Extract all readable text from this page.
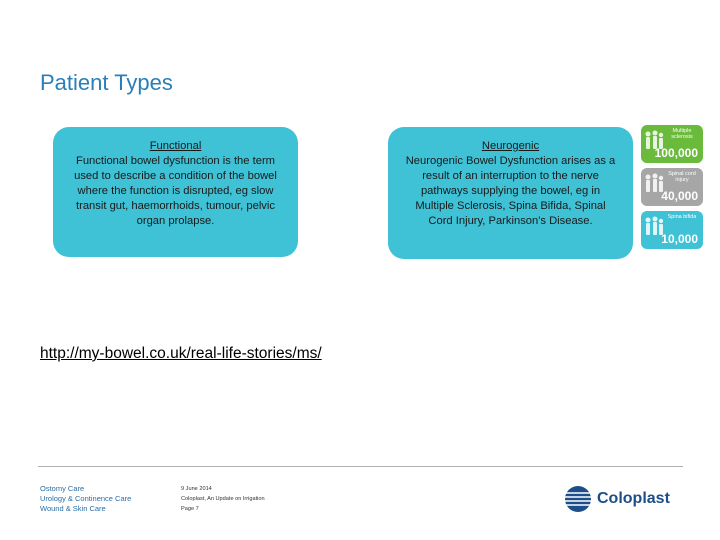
Patient Types
Functional
Functional bowel dysfunction is the term used to describe a condition of the bowel where the function is disrupted, eg slow transit gut, haemorrhoids, tumour, pelvic organ prolapse.
Neurogenic
Neurogenic Bowel Dysfunction arises as a result of an interruption to the nerve pathways supplying the bowel, eg in Multiple Sclerosis, Spina Bifida, Spinal Cord Injury, Parkinson's Disease.
Multiple sclerosis
100,000
Spinal cord injury
40,000
Spina bifida
10,000
http://my-bowel.co.uk/real-life-stories/ms/
Ostomy Care
Urology & Continence Care
Wound & Skin Care
9 June 2014
Coloplast, An Update on Irrigation
Page 7
Coloplast
